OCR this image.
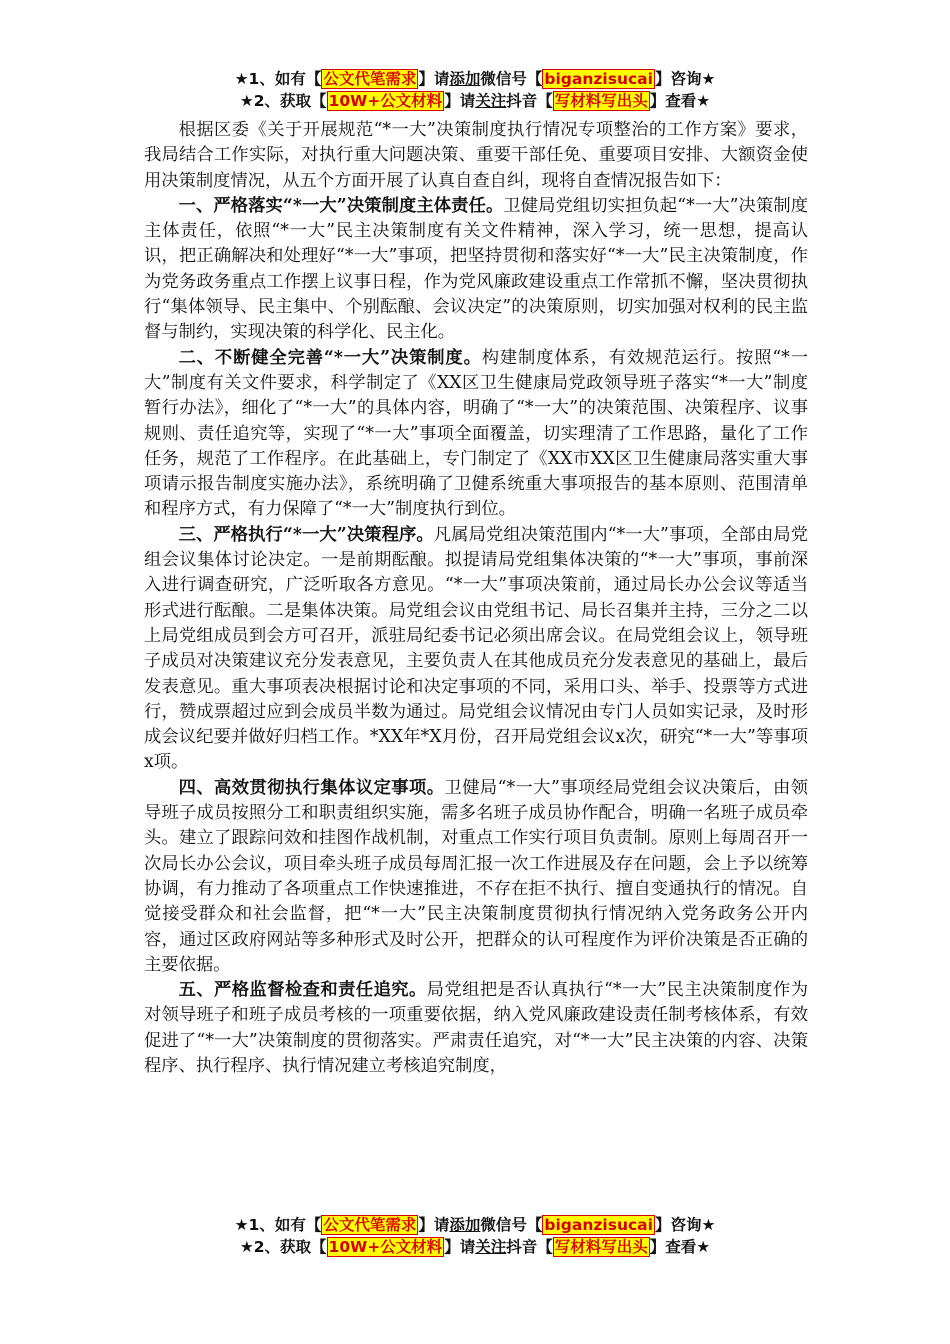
★1、如有【 公文代笔需求 】请添加微信号【 biganzisucai 】咨询★
★2、获取【 10W+公文材料 】请关注抖音【 写材料写出头 】查看★

根据区委《关于开展规范“*一大”决策制度执行情况专项整治的工作方案》要求，我局结合工作实际，对执行重大问题决策、重要干部任免、重要项目安排、大额资金使用决策制度情况，从五个方面开展了认真自查自纠，现将自查情况报告如下：

一、严格落实“*一大”决策制度主体责任。卫健局党组切实担负起“*一大”决策制度主体责任，依照“*一大”民主决策制度有关文件精神，深入学习，统一思想，提高认识，把正确解决和处理好“*一大”事项，把坚持贯彻和落实好“*一大”民主决策制度，作为党务政务重点工作摆上议事日程，作为党风廉政建设重点工作常抓不懈，坚决贯彻执行“集体领导、民主集中、个别酝酿、会议决定”的决策原则，切实加强对权利的民主监督与制约，实现决策的科学化、民主化。

二、不断健全完善“*一大”决策制度。构建制度体系，有效规范运行。按照“*一大”制度有关文件要求，科学制定了《XX区卫生健康局党政领导班子落实“*一大”制度暂行办法》，细化了“*一大”的具体内容，明确了“*一大”的决策范围、决策程序、议事规则、责任追究等，实现了“*一大”事项全面覆盖，切实理清了工作思路，量化了工作任务，规范了工作程序。在此基础上，专门制定了《XX市XX区卫生健康局落实重大事项请示报告制度实施办法》，系统明确了卫健系统重大事项报告的基本原则、范围清单和程序方式，有力保障了“*一大”制度执行到位。

三、严格执行“*一大”决策程序。凡属局党组决策范围内“*一大”事项，全部由局党组会议集体讨论决定。一是前期酝酿。拟提请局党组集体决策的“*一大”事项，事前深入进行调查研究，广泛听取各方意见。“*一大”事项决策前，通过局长办公会议等适当形式进行酝酿。二是集体决策。局党组会议由党组书记、局长召集并主持，三分之二以上局党组成员到会方可召开，派驻局纪委书记必须出席会议。在局党组会议上，领导班子成员对决策建议充分发表意见，主要负责人在其他成员充分发表意见的基础上，最后发表意见。重大事项表决根据讨论和决定事项的不同，采用口头、举手、投票等方式进行，赞成票超过应到会成员半数为通过。局党组会议情况由专门人员如实记录，及时形成会议纪要并做好归档工作。*XX年*X月份，召开局党组会议x次，研究“*一大”等事项x项。

四、高效贯彻执行集体议定事项。卫健局“*一大”事项经局党组会议决策后，由领导班子成员按照分工和职责组织实施，需多名班子成员协作配合，明确一名班子成员牵头。建立了跟踪问效和挂图作战机制，对重点工作实行项目负责制。原则上每周召开一次局长办公会议，项目牵头班子成员每周汇报一次工作进展及存在问题，会上予以统筹协调，有力推动了各项重点工作快速推进，不存在拒不执行、擅自变通执行的情况。自觉接受群众和社会监督，把“*一大”民主决策制度贯彻执行情况纳入党务政务公开内容，通过区政府网站等多种形式及时公开，把群众的认可程度作为评价决策是否正确的主要依据。

五、严格监督检查和责任追究。局党组把是否认真执行“*一大”民主决策制度作为对领导班子和班子成员考核的一项重要依据，纳入党风廉政建设责任制考核体系，有效促进了“*一大”决策制度的贯彻落实。严肃责任追究，对“*一大”民主决策的内容、决策程序、执行程序、执行情况建立考核追究制度，

★1、如有【 公文代笔需求 】请添加微信号【 biganzisucai 】咨询★
★2、获取【 10W+公文材料 】请关注抖音【 写材料写出头 】查看★
